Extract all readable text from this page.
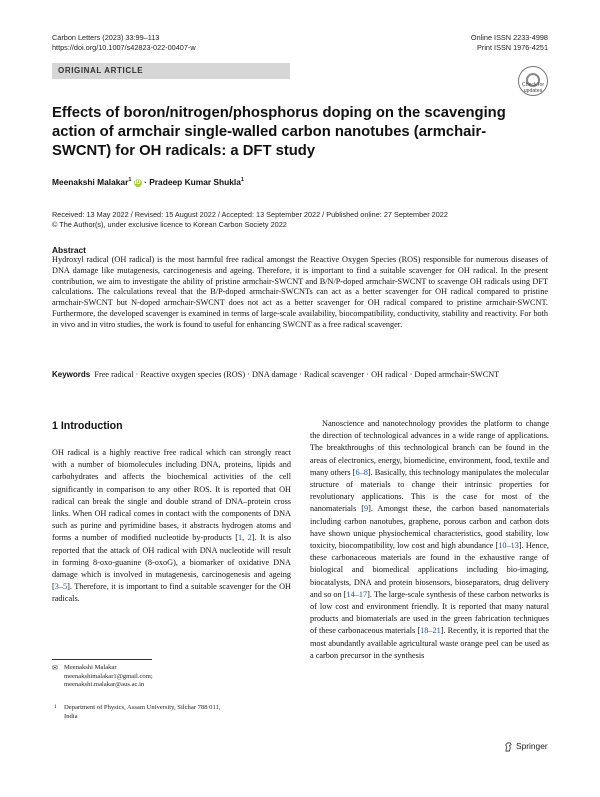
Carbon Letters (2023) 33:99–113
https://doi.org/10.1007/s42823-022-00407-w
Online ISSN 2233-4998
Print ISSN 1976-4251
ORIGINAL ARTICLE
Check for
updates
Effects of boron/nitrogen/phosphorus doping on the scavenging action of armchair single-walled carbon nanotubes (armchair-SWCNT) for OH radicals: a DFT study
Meenakshi Malakar$^1$ iD · Pradeep Kumar Shukla$^1$
Received: 13 May 2022 / Revised: 15 August 2022 / Accepted: 13 September 2022 / Published online: 27 September 2022
© The Author(s), under exclusive licence to Korean Carbon Society 2022
Abstract
Hydroxyl radical (OH radical) is the most harmful free radical amongst the Reactive Oxygen Species (ROS) responsible for numerous diseases of DNA damage like mutagenesis, carcinogenesis and ageing. Therefore, it is important to find a suitable scavenger for OH radical. In the present contribution, we aim to investigate the ability of pristine armchair-SWCNT and B/N/P-doped armchair-SWCNT to scavenge OH radicals using DFT calculations. The calculations reveal that the B/P-doped armchair-SWCNTs can act as a better scavenger for OH radical compared to pristine armchair-SWCNT but N-doped armchair-SWCNT does not act as a better scavenger for OH radical compared to pristine armchair-SWCNT. Furthermore, the developed scavenger is examined in terms of large-scale availability, biocompatibility, conductivity, stability and reactivity. For both in vivo and in vitro studies, the work is found to useful for enhancing SWCNT as a free radical scavenger.
Keywords Free radical · Reactive oxygen species (ROS) · DNA damage · Radical scavenger · OH radical · Doped armchair-SWCNT
1 Introduction

OH radical is a highly reactive free radical which can strongly react with a number of biomolecules including DNA, proteins, lipids and carbohydrates and affects the biochemical activities of the cell significantly in comparison to any other ROS. It is reported that OH radical can break the single and double strand of DNA–protein cross links. When OH radical comes in contact with the components of DNA such as purine and pyrimidine bases, it abstracts hydrogen atoms and forms a number of modified nucleotide by-products [1, 2]. It is also reported that the attack of OH radical with DNA nucleotide will result in forming 8-oxo-guanine (8-oxoG), a biomarker of oxidative DNA damage which is involved in mutagenesis, carcinogenesis and ageing [3–5]. Therefore, it is important to find a suitable scavenger for the OH radicals.

Nanoscience and nanotechnology provides the platform to change the direction of technological advances in a wide range of applications. The breakthroughs of this technological branch can be found in the areas of electronics, energy, biomedicine, environment, food, textile and many others [6–8]. Basically, this technology manipulates the molecular structure of materials to change their intrinsic properties for revolutionary applications. This is the case for most of the nanomaterials [9]. Amongst these, the carbon based nanomaterials including carbon nanotubes, graphene, porous carbon and carbon dots have shown unique physiochemical characteristics, good stability, low toxicity, biocompatibility, low cost and high abundance [10–13]. Hence, these carbonaceous materials are found in the exhaustive range of biological and biomedical applications including bio-imaging, biocatalysts, DNA and protein biosensors, bioseparators, drug delivery and so on [14–17]. The large-scale synthesis of these carbon networks is of low cost and environment friendly. It is reported that many natural products and biomaterials are used in the green fabrication techniques of these carbonaceous materials [18–21]. Recently, it is reported that the most abundantly available agricultural waste orange peel can be used as a carbon precursor in the synthesis

✉ Meenakshi Malakar
meenakshimalakar1@gmail.com;
meenakshi.malakar@aus.ac.in
1 Department of Physics, Assam University, Silchar 788 011,
India
Springer
